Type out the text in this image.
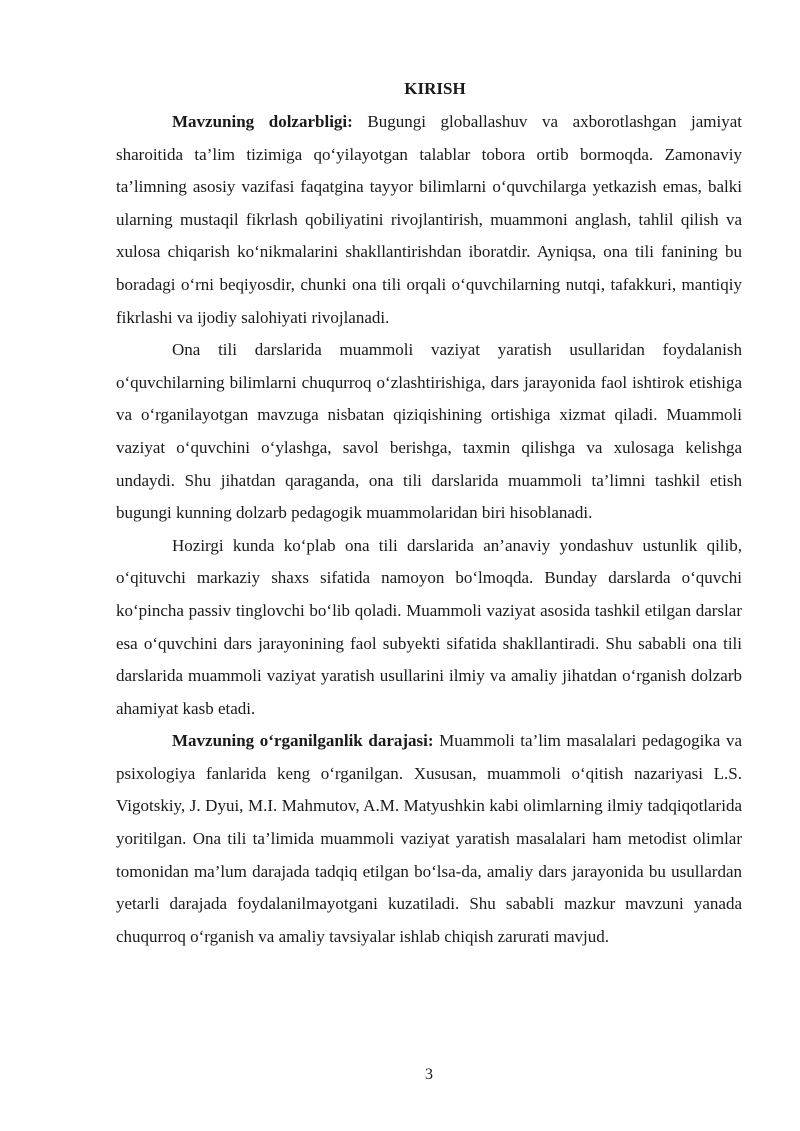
KIRISH

Mavzuning dolzarbligi: Bugungi globallashuv va axborotlashgan jamiyat sharoitida ta’lim tizimiga qo‘yilayotgan talablar tobora ortib bormoqda. Zamonaviy ta’limning asosiy vazifasi faqatgina tayyor bilimlarni o‘quvchilarga yetkazish emas, balki ularning mustaqil fikrlash qobiliyatini rivojlantirish, muammoni anglash, tahlil qilish va xulosa chiqarish ko‘nikmalarini shakllantirishdan iboratdir. Ayniqsa, ona tili fanining bu boradagi o‘rni beqiyosdir, chunki ona tili orqali o‘quvchilarning nutqi, tafakkuri, mantiqiy fikrlashi va ijodiy salohiyati rivojlanadi.

Ona tili darslarida muammoli vaziyat yaratish usullaridan foydalanish o‘quvchilarning bilimlarni chuqurroq o‘zlashtirishiga, dars jarayonida faol ishtirok etishiga va o‘rganilayotgan mavzuga nisbatan qiziqishining ortishiga xizmat qiladi. Muammoli vaziyat o‘quvchini o‘ylashga, savol berishga, taxmin qilishga va xulosaga kelishga undaydi. Shu jihatdan qaraganda, ona tili darslarida muammoli ta’limni tashkil etish bugungi kunning dolzarb pedagogik muammolaridan biri hisoblanadi.

Hozirgi kunda ko‘plab ona tili darslarida an’anaviy yondashuv ustunlik qilib, o‘qituvchi markaziy shaxs sifatida namoyon bo‘lmoqda. Bunday darslarda o‘quvchi ko‘pincha passiv tinglovchi bo‘lib qoladi. Muammoli vaziyat asosida tashkil etilgan darslar esa o‘quvchini dars jarayonining faol subyekti sifatida shakllantiradi. Shu sababli ona tili darslarida muammoli vaziyat yaratish usullarini ilmiy va amaliy jihatdan o‘rganish dolzarb ahamiyat kasb etadi.

Mavzuning o‘rganilganlik darajasi: Muammoli ta’lim masalalari pedagogika va psixologiya fanlarida keng o‘rganilgan. Xususan, muammoli o‘qitish nazariyasi L.S. Vigotskiy, J. Dyui, M.I. Mahmutov, A.M. Matyushkin kabi olimlarning ilmiy tadqiqotlarida yoritilgan. Ona tili ta’limida muammoli vaziyat yaratish masalalari ham metodist olimlar tomonidan ma’lum darajada tadqiq etilgan bo‘lsa-da, amaliy dars jarayonida bu usullardan yetarli darajada foydalanilmayotgani kuzatiladi. Shu sababli mazkur mavzuni yanada chuqurroq o‘rganish va amaliy tavsiyalar ishlab chiqish zarurati mavjud.

3
